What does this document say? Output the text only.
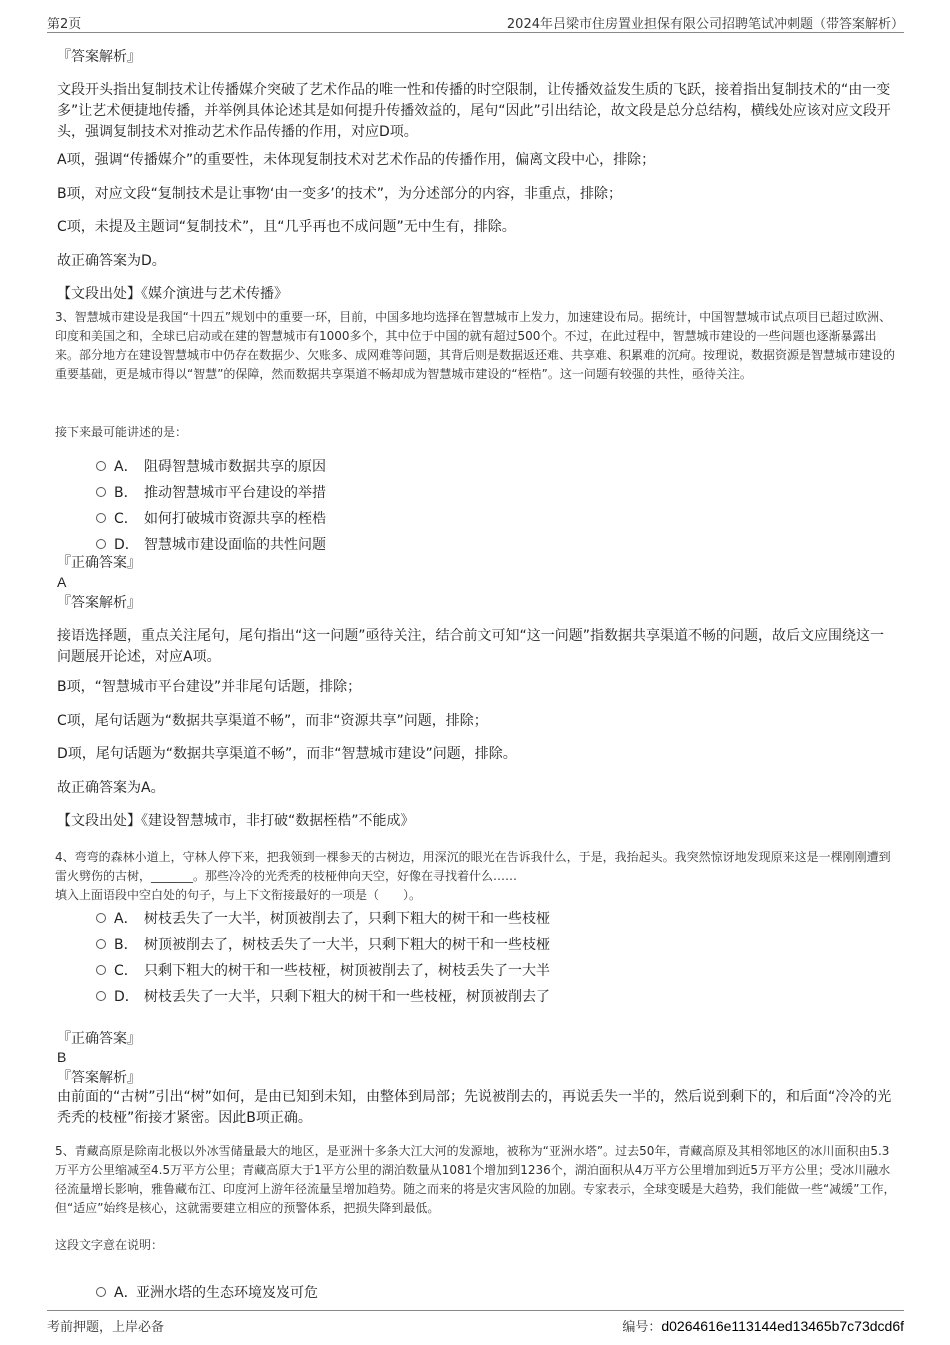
第2页	2024年吕梁市住房置业担保有限公司招聘笔试冲刺题（带答案解析）

『答案解析』

文段开头指出复制技术让传播媒介突破了艺术作品的唯一性和传播的时空限制，让传播效益发生质的飞跃，接着指出复制技术的“由一变多”让艺术便捷地传播，并举例具体论述其是如何提升传播效益的，尾句“因此”引出结论，故文段是总分总结构，横线处应该对应文段开头，强调复制技术对推动艺术作品传播的作用，对应D项。

A项，强调“传播媒介”的重要性，未体现复制技术对艺术作品的传播作用，偏离文段中心，排除；

B项，对应文段“复制技术是让事物‘由一变多’的技术”，为分述部分的内容，非重点，排除；

C项，未提及主题词“复制技术”，且“几乎再也不成问题”无中生有，排除。

故正确答案为D。

【文段出处】《媒介演进与艺术传播》

3、智慧城市建设是我国“十四五”规划中的重要一环，目前，中国多地均选择在智慧城市上发力，加速建设布局。据统计，中国智慧城市试点项目已超过欧洲、印度和美国之和，全球已启动或在建的智慧城市有1000多个，其中位于中国的就有超过500个。不过，在此过程中，智慧城市建设的一些问题也逐渐暴露出来。部分地方在建设智慧城市中仍存在数据少、欠账多、成网难等问题，其背后则是数据返还难、共享难、积累难的沉疴。按理说，数据资源是智慧城市建设的重要基础，更是城市得以“智慧”的保障，然而数据共享渠道不畅却成为智慧城市建设的“桎梏”。这一问题有较强的共性，亟待关注。

接下来最可能讲述的是：

A． 阻碍智慧城市数据共享的原因
B． 推动智慧城市平台建设的举措
C． 如何打破城市资源共享的桎梏
D． 智慧城市建设面临的共性问题

『正确答案』

A

『答案解析』

接语选择题，重点关注尾句，尾句指出“这一问题”亟待关注，结合前文可知“这一问题”指数据共享渠道不畅的问题，故后文应围绕这一问题展开论述，对应A项。

B项，“智慧城市平台建设”并非尾句话题，排除；

C项，尾句话题为“数据共享渠道不畅”，而非“资源共享”问题，排除；

D项，尾句话题为“数据共享渠道不畅”，而非“智慧城市建设”问题，排除。

故正确答案为A。

【文段出处】《建设智慧城市，非打破“数据桎梏”不能成》

4、弯弯的森林小道上，守林人停下来，把我领到一棵参天的古树边，用深沉的眼光在告诉我什么，于是，我抬起头。我突然惊讶地发现原来这是一棵刚刚遭到雷火劈伤的古树，_______。那些冷冷的光秃秃的枝桠伸向天空，好像在寻找着什么……

填入上面语段中空白处的句子，与上下文衔接最好的一项是（　　）。

A． 树枝丢失了一大半，树顶被削去了，只剩下粗大的树干和一些枝桠
B． 树顶被削去了，树枝丢失了一大半，只剩下粗大的树干和一些枝桠
C． 只剩下粗大的树干和一些枝桠，树顶被削去了，树枝丢失了一大半
D． 树枝丢失了一大半，只剩下粗大的树干和一些枝桠，树顶被削去了

『正确答案』

B

『答案解析』

由前面的“古树”引出“树”如何，是由已知到未知，由整体到局部；先说被削去的，再说丢失一半的，然后说到剩下的，和后面“冷冷的光秃秃的枝桠”衔接才紧密。因此B项正确。

5、青藏高原是除南北极以外冰雪储量最大的地区，是亚洲十多条大江大河的发源地，被称为“亚洲水塔”。过去50年，青藏高原及其相邻地区的冰川面积由5.3万平方公里缩减至4.5万平方公里；青藏高原大于1平方公里的湖泊数量从1081个增加到1236个，湖泊面积从4万平方公里增加到近5万平方公里；受冰川融水径流量增长影响，雅鲁藏布江、印度河上游年径流量呈增加趋势。随之而来的将是灾害风险的加剧。专家表示，全球变暖是大趋势，我们能做一些“减缓”工作，但“适应”始终是核心，这就需要建立相应的预警体系，把损失降到最低。

这段文字意在说明：

A．亚洲水塔的生态环境岌岌可危
考前押题，上岸必备	编号：d0264616e113144ed13465b7c73dcd6f
